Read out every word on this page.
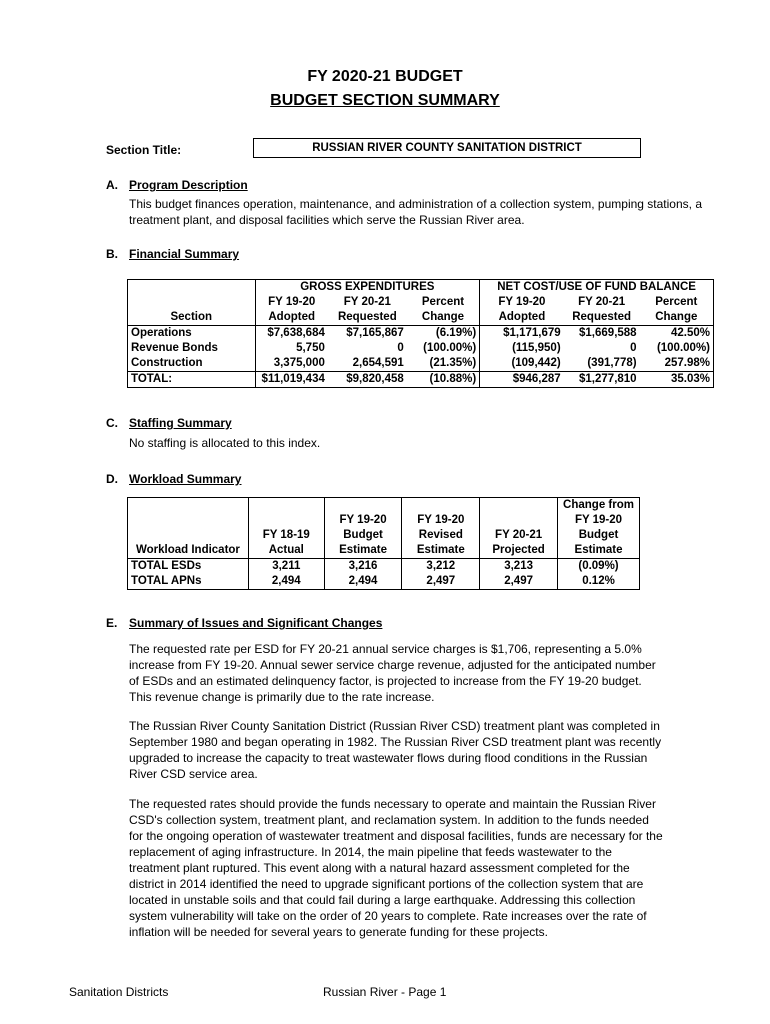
FY 2020-21 BUDGET
BUDGET SECTION SUMMARY
Section Title:	RUSSIAN RIVER COUNTY SANITATION DISTRICT
A. Program Description
This budget finances operation, maintenance, and administration of a collection system, pumping stations, a
treatment plant, and disposal facilities which serve the Russian River area.
B. Financial Summary
	GROSS EXPENDITURES			NET COST/USE OF FUND BALANCE		
	FY 19-20	FY 20-21	Percent	FY 19-20	FY 20-21	Percent
Section	Adopted	Requested	Change	Adopted	Requested	Change
Operations	$7,638,684	$7,165,867	(6.19%)	$1,171,679	$1,669,588	42.50%
Revenue Bonds	5,750	0	(100.00%)	(115,950)	0	(100.00%)
Construction	3,375,000	2,654,591	(21.35%)	(109,442)	(391,778)	257.98%
TOTAL:	$11,019,434	$9,820,458	(10.88%)	$946,287	$1,277,810	35.03%
C. Staffing Summary
No staffing is allocated to this index.
D. Workload Summary
					Change from
		FY 19-20	FY 19-20		FY 19-20
	FY 18-19	Budget	Revised	FY 20-21	Budget
Workload Indicator	Actual	Estimate	Estimate	Projected	Estimate
TOTAL ESDs	3,211	3,216	3,212	3,213	(0.09%)
TOTAL APNs	2,494	2,494	2,497	2,497	0.12%
E. Summary of Issues and Significant Changes
The requested rate per ESD for FY 20-21 annual service charges is $1,706, representing a 5.0%
increase from FY 19-20. Annual sewer service charge revenue, adjusted for the anticipated number
of ESDs and an estimated delinquency factor, is projected to increase from the FY 19-20 budget.
This revenue change is primarily due to the rate increase.
The Russian River County Sanitation District (Russian River CSD) treatment plant was completed in
September 1980 and began operating in 1982. The Russian River CSD treatment plant was recently
upgraded to increase the capacity to treat wastewater flows during flood conditions in the Russian
River CSD service area.
The requested rates should provide the funds necessary to operate and maintain the Russian River
CSD's collection system, treatment plant, and reclamation system. In addition to the funds needed
for the ongoing operation of wastewater treatment and disposal facilities, funds are necessary for the
replacement of aging infrastructure. In 2014, the main pipeline that feeds wastewater to the
treatment plant ruptured. This event along with a natural hazard assessment completed for the
district in 2014 identified the need to upgrade significant portions of the collection system that are
located in unstable soils and that could fail during a large earthquake. Addressing this collection
system vulnerability will take on the order of 20 years to complete. Rate increases over the rate of
inflation will be needed for several years to generate funding for these projects.
Sanitation Districts	Russian River - Page 1
